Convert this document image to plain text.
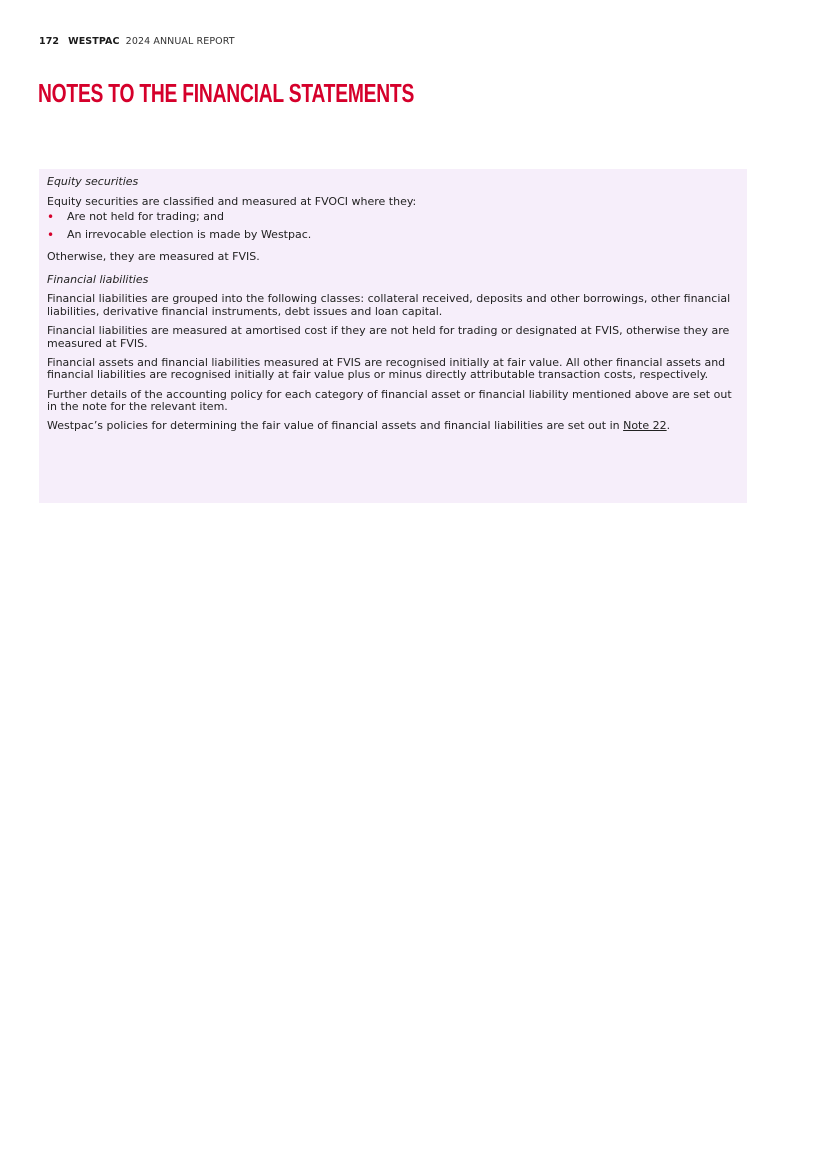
172 WESTPAC 2024 ANNUAL REPORT
NOTES TO THE FINANCIAL STATEMENTS

Equity securities

Equity securities are classified and measured at FVOCI where they:

• Are not held for trading; and
• An irrevocable election is made by Westpac.

Otherwise, they are measured at FVIS.

Financial liabilities

Financial liabilities are grouped into the following classes: collateral received, deposits and other borrowings, other financial liabilities, derivative financial instruments, debt issues and loan capital.

Financial liabilities are measured at amortised cost if they are not held for trading or designated at FVIS, otherwise they are measured at FVIS.

Financial assets and financial liabilities measured at FVIS are recognised initially at fair value. All other financial assets and financial liabilities are recognised initially at fair value plus or minus directly attributable transaction costs, respectively.

Further details of the accounting policy for each category of financial asset or financial liability mentioned above are set out in the note for the relevant item.

Westpac’s policies for determining the fair value of financial assets and financial liabilities are set out in Note 22.
